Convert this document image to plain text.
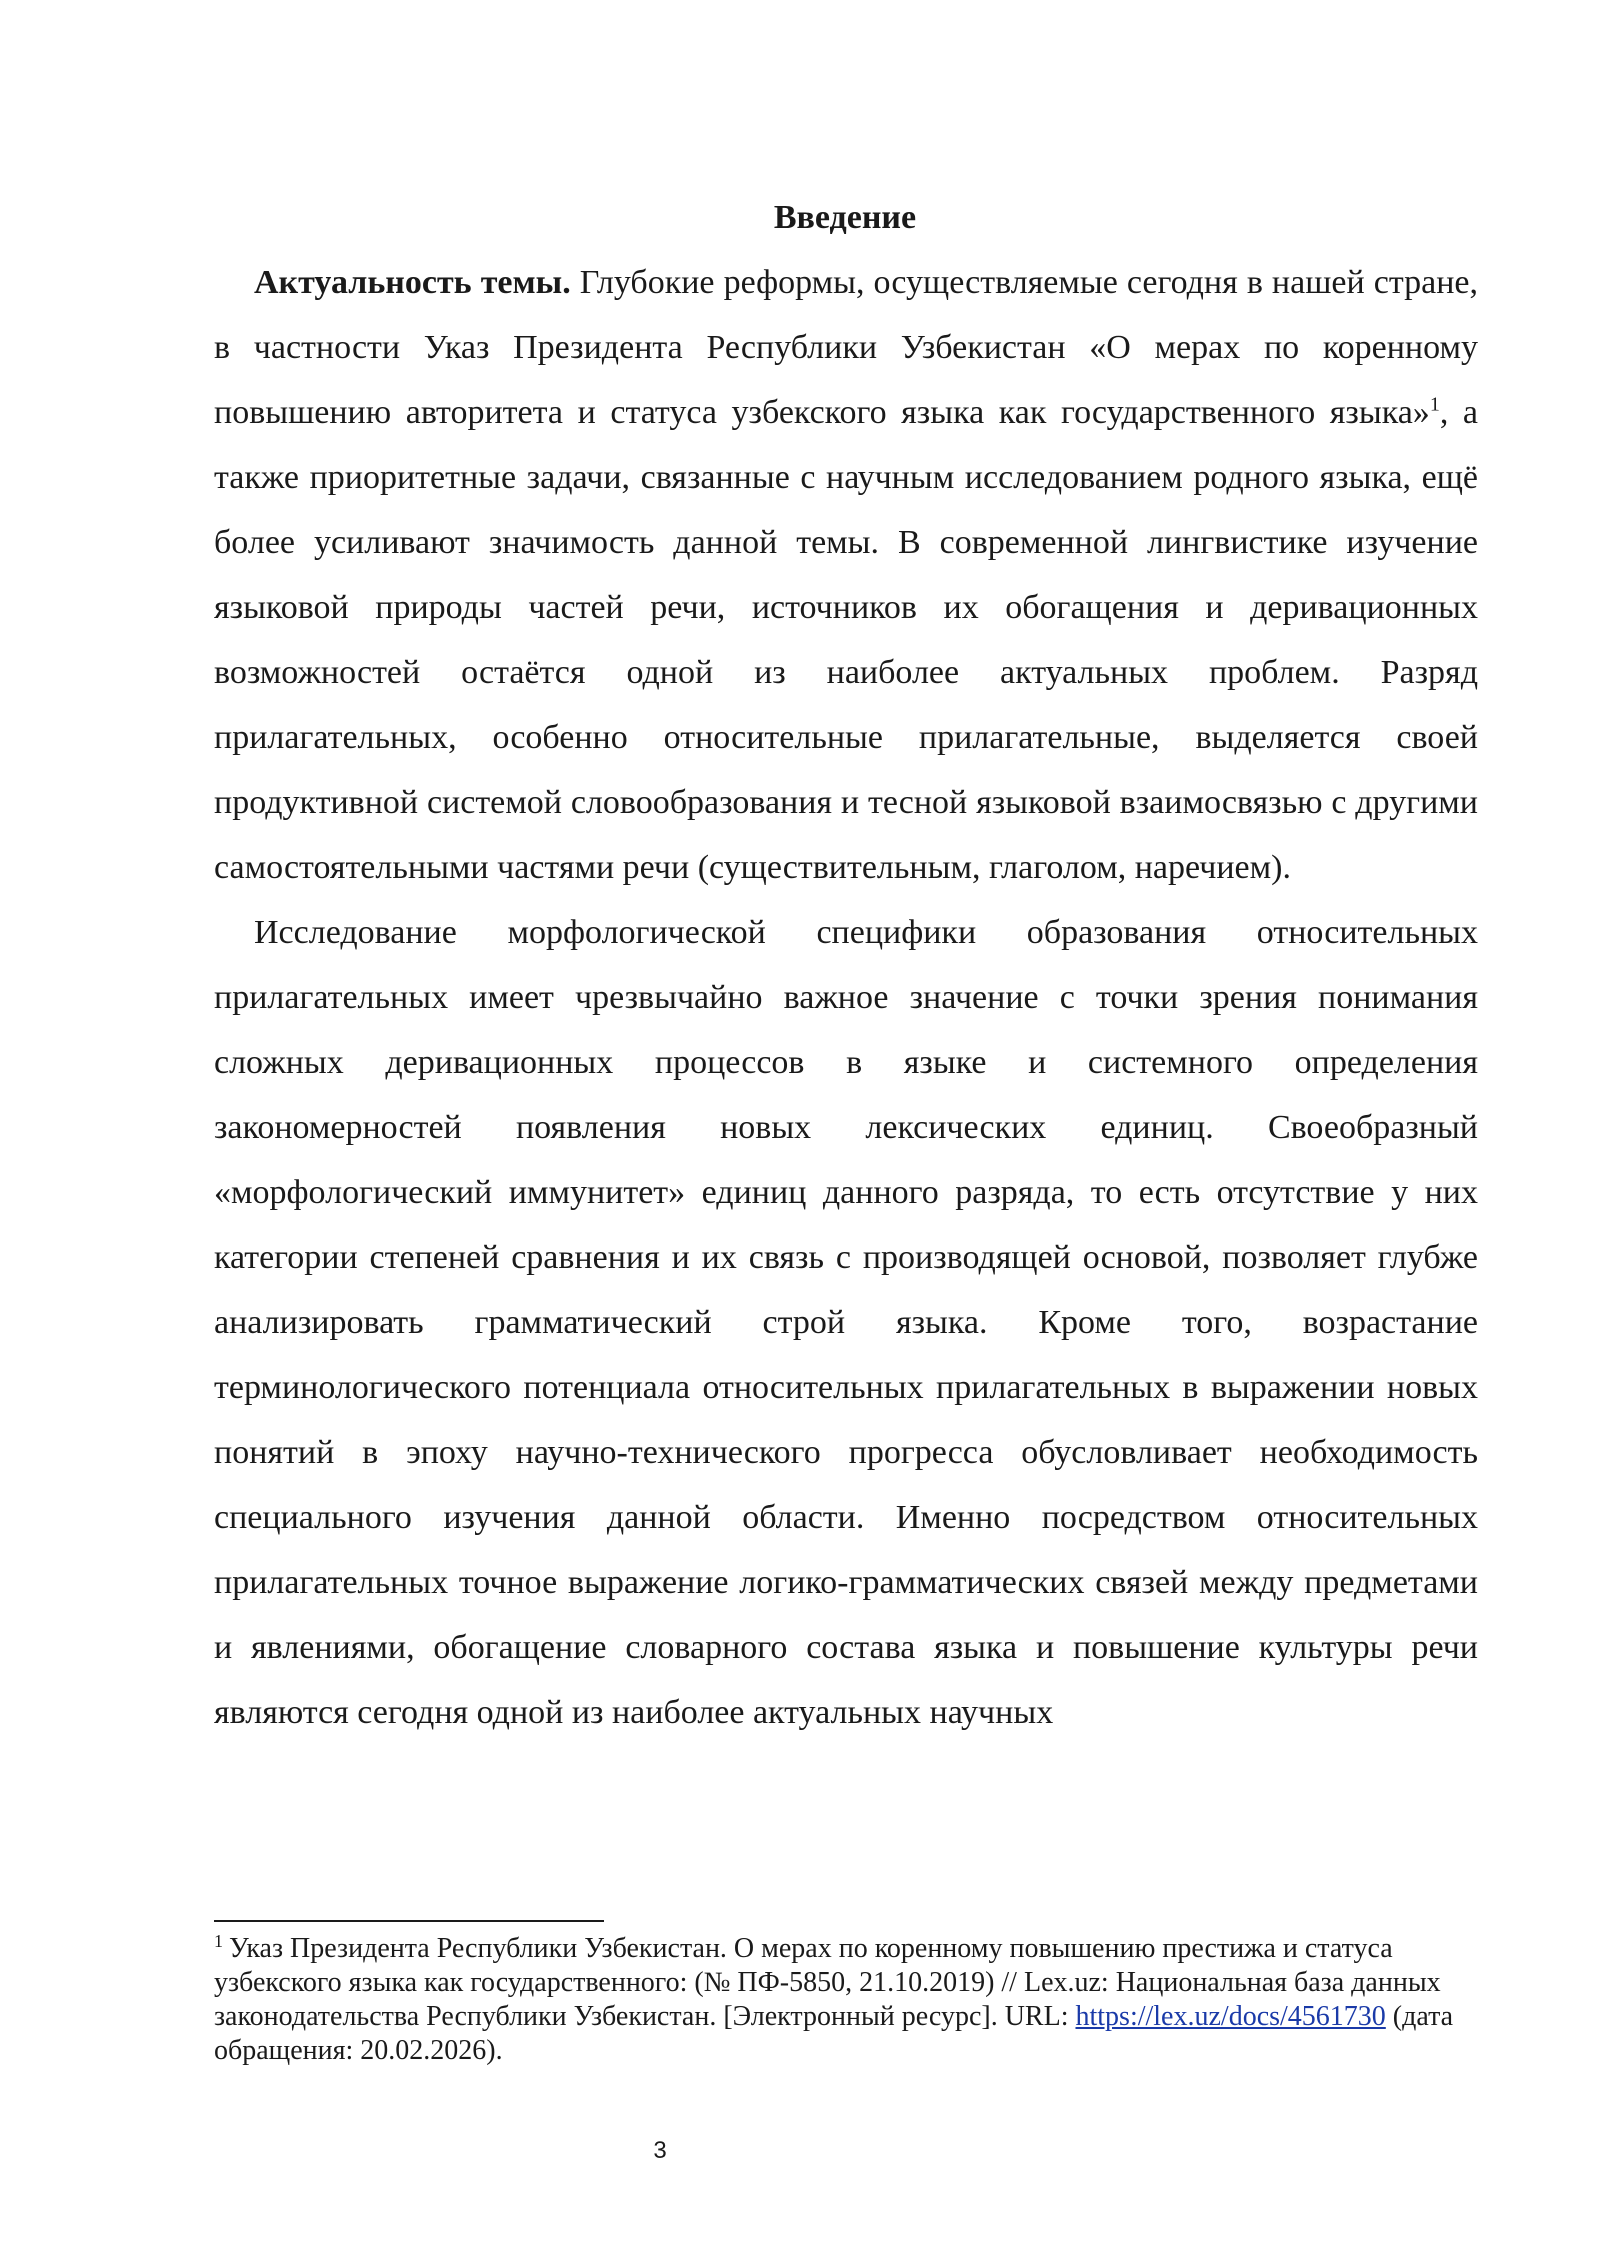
Введение

Актуальность темы. Глубокие реформы, осуществляемые сегодня в нашей стране, в частности Указ Президента Республики Узбекистан «О мерах по коренному повышению авторитета и статуса узбекского языка как государственного языка»$^1$, а также приоритетные задачи, связанные с научным исследованием родного языка, ещё более усиливают значимость данной темы. В современной лингвистике изучение языковой природы частей речи, источников их обогащения и деривационных возможностей остаётся одной из наиболее актуальных проблем. Разряд прилагательных, особенно относительные прилагательные, выделяется своей продуктивной системой словообразования и тесной языковой взаимосвязью с другими самостоятельными частями речи (существительным, глаголом, наречием).

Исследование морфологической специфики образования относительных прилагательных имеет чрезвычайно важное значение с точки зрения понимания сложных деривационных процессов в языке и системного определения закономерностей появления новых лексических единиц. Своеобразный «морфологический иммунитет» единиц данного разряда, то есть отсутствие у них категории степеней сравнения и их связь с производящей основой, позволяет глубже анализировать грамматический строй языка. Кроме того, возрастание терминологического потенциала относительных прилагательных в выражении новых понятий в эпоху научно-технического прогресса обусловливает необходимость специального изучения данной области. Именно посредством относительных прилагательных точное выражение логико-грамматических связей между предметами и явлениями, обогащение словарного состава языка и повышение культуры речи являются сегодня одной из наиболее актуальных научных

$^1$ Указ Президента Республики Узбекистан. О мерах по коренному повышению престижа и статуса узбекского языка как государственного: (№ ПФ-5850, 21.10.2019) // Lex.uz: Национальная база данных законодательства Республики Узбекистан. [Электронный ресурс]. URL: https://lex.uz/docs/4561730 (дата обращения: 20.02.2026).

3
